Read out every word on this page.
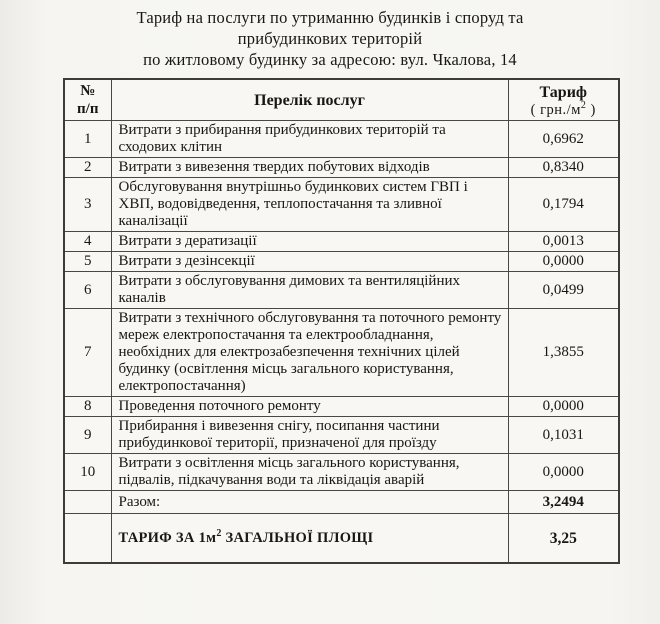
Тариф на послуги по утриманню будинків і споруд та
прибудинкових територій
по житловому будинку за адресою: вул. Чкалова, 14
№
п/п	Перелік послуг	Тариф
( $грн./м^2$ )

1	Витрати з прибирання прибудинкових територій та сходових клітин	0,6962
2	Витрати з вивезення твердих побутових відходів	0,8340
3	Обслуговування внутрішньо будинкових систем ГВП і ХВП, водовідведення, теплопостачання та зливної каналізації	0,1794
4	Витрати з дератизації	0,0013
5	Витрати з дезінсекції	0,0000
6	Витрати з обслуговування димових та вентиляційних каналів	0,0499
7	Витрати з технічного обслуговування та поточного ремонту мереж електропостачання та електрообладнання, необхідних для електрозабезпечення технічних цілей будинку (освітлення місць загального користування, електропостачання)	1,3855
8	Проведення поточного ремонту	0,0000
9	Прибирання і вивезення снігу, посипання частини прибудинкової території, призначеної для проїзду	0,1031
10	Витрати з освітлення місць загального користування, підвалів, підкачування води та ліквідація аварій	0,0000
	Разом:	3,2494
	ТАРИФ ЗА $1м^2$ ЗАГАЛЬНОЇ ПЛОЩІ	3,25
